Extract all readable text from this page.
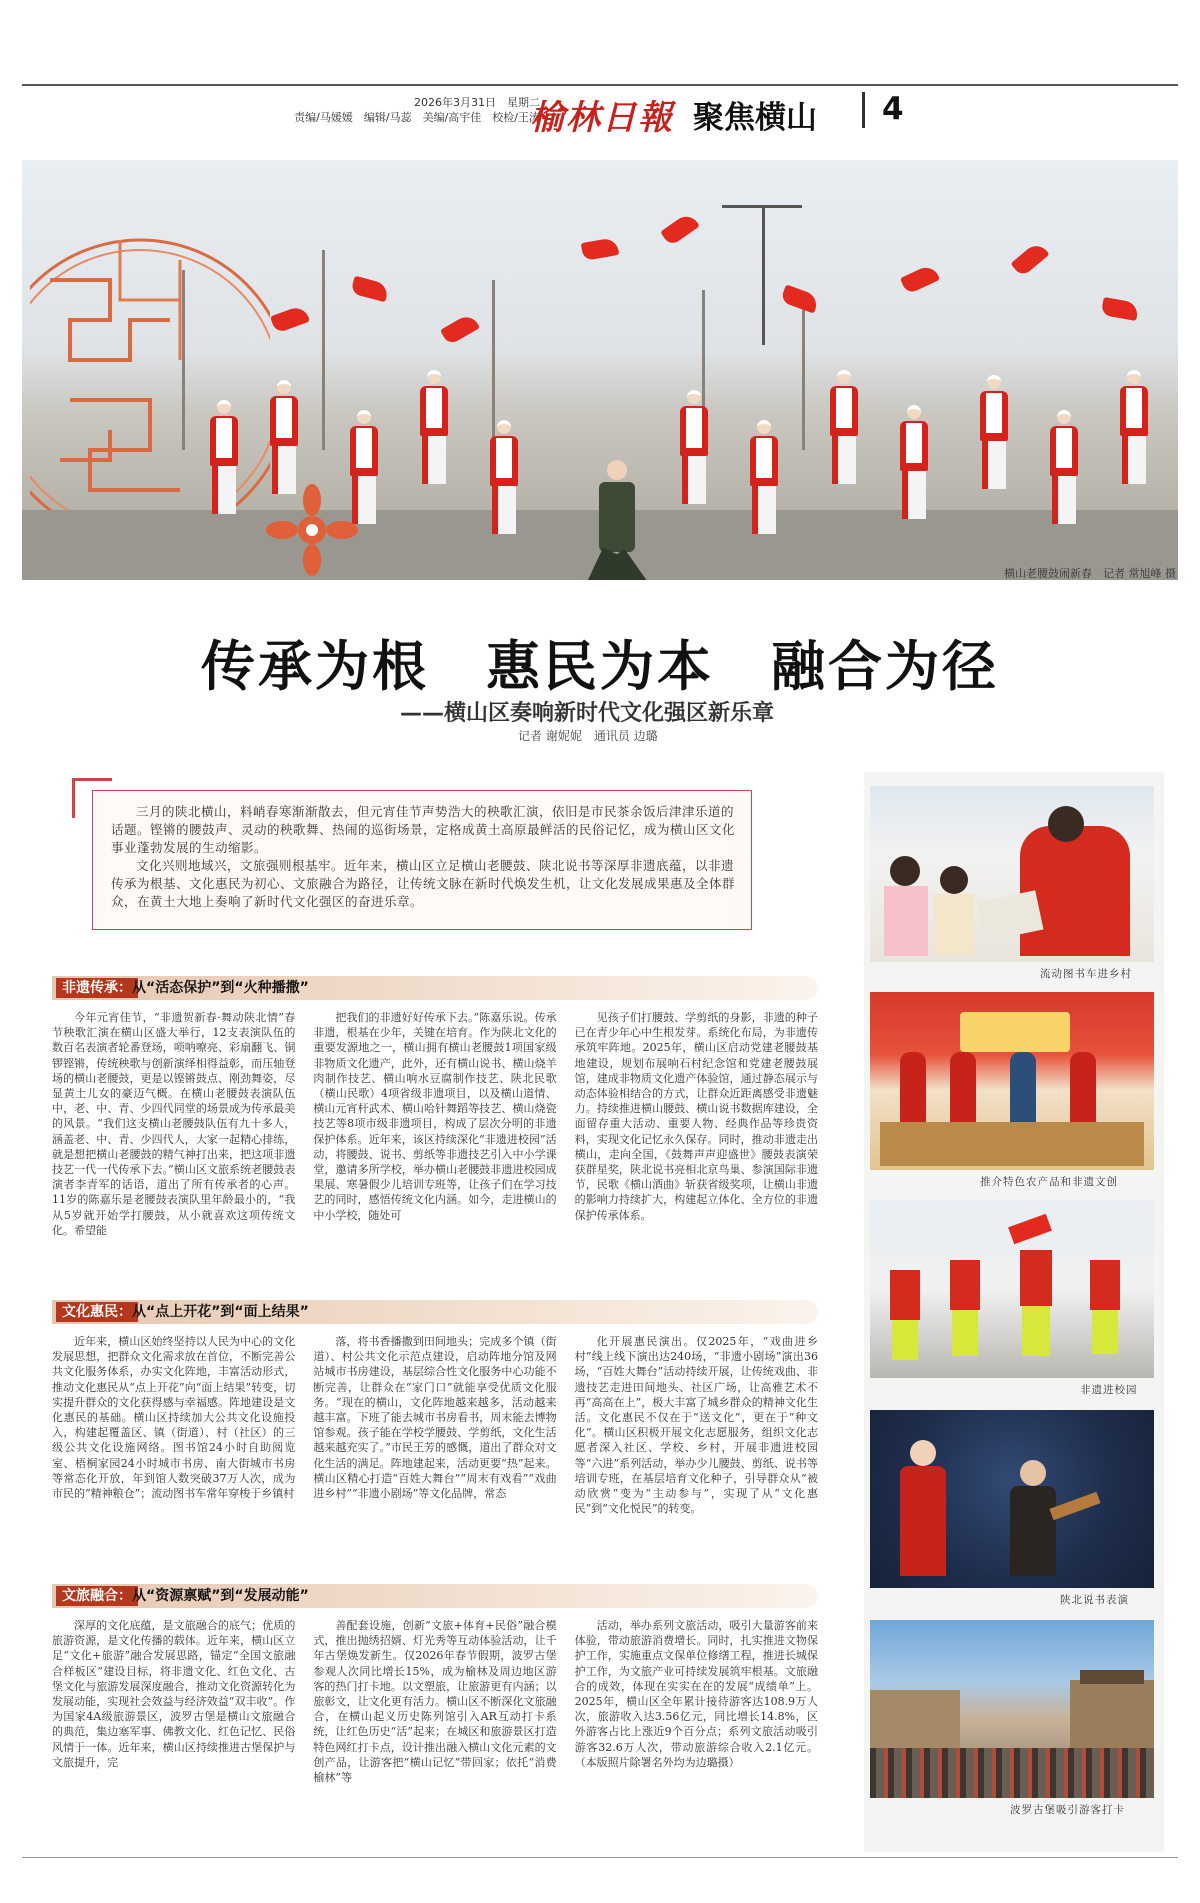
2026年3月31日　星期二
责编/马媛媛　编辑/马蕊　美编/高宇佳　校检/王涛
榆林日報 聚焦横山 4
横山老腰鼓闹新春　记者 常旭峰 摄
传承为根　惠民为本　融合为径
——横山区奏响新时代文化强区新乐章
记者 谢妮妮　通讯员 边璐

三月的陕北横山，料峭春寒渐渐散去，但元宵佳节声势浩大的秧歌汇演，依旧是市民茶余饭后津津乐道的话题。铿锵的腰鼓声、灵动的秧歌舞、热闹的巡街场景，定格成黄土高原最鲜活的民俗记忆，成为横山区文化事业蓬勃发展的生动缩影。

文化兴则地域兴，文旅强则根基牢。近年来，横山区立足横山老腰鼓、陕北说书等深厚非遗底蕴，以非遗传承为根基、文化惠民为初心、文旅融合为路径，让传统文脉在新时代焕发生机，让文化发展成果惠及全体群众，在黄土大地上奏响了新时代文化强区的奋进乐章。

非遗传承： 从“活态保护”到“火种播撒”

今年元宵佳节，“非遗贺新春·舞动陕北情”春节秧歌汇演在横山区盛大举行，12支表演队伍的数百名表演者轮番登场，唢呐嘹亮、彩扇翻飞、铜锣铿锵，传统秧歌与创新演绎相得益彰，而压轴登场的横山老腰鼓，更是以铿锵鼓点、刚劲舞姿，尽显黄土儿女的豪迈气概。在横山老腰鼓表演队伍中，老、中、青、少四代同堂的场景成为传承最美的风景。“我们这支横山老腰鼓队伍有九十多人，涵盖老、中、青、少四代人，大家一起精心排练，就是想把横山老腰鼓的精气神打出来，把这项非遗技艺一代一代传承下去。”横山区文旅系统老腰鼓表演者李青军的话语，道出了所有传承者的心声。11岁的陈嘉乐是老腰鼓表演队里年龄最小的，“我从5岁就开始学打腰鼓，从小就喜欢这项传统文化。希望能

把我们的非遗好好传承下去。”陈嘉乐说。传承非遗，根基在少年，关键在培育。作为陕北文化的重要发源地之一，横山拥有横山老腰鼓1项国家级非物质文化遗产，此外，还有横山说书、横山烧羊肉制作技艺、横山响水豆腐制作技艺、陕北民歌（横山民歌）4项省级非遗项目，以及横山道情、横山元宵杆武术、横山哈针舞蹈等技艺、横山烧瓷技艺等8项市级非遗项目，构成了层次分明的非遗保护体系。近年来，该区持续深化“非遗进校园”活动，将腰鼓、说书、剪纸等非遗技艺引入中小学课堂，邀请多所学校，举办横山老腰鼓非遗进校园成果展、寒暑假少儿培训专班等，让孩子们在学习技艺的同时，感悟传统文化内涵。如今，走进横山的中小学校，随处可

见孩子们打腰鼓、学剪纸的身影，非遗的种子已在青少年心中生根发芽。系统化布局，为非遗传承筑牢阵地。2025年，横山区启动党建老腰鼓基地建设，规划布展响石村纪念馆和党建老腰鼓展馆，建成非物质文化遗产体验馆，通过静态展示与动态体验相结合的方式，让群众近距离感受非遗魅力。持续推进横山腰鼓、横山说书数据库建设，全面留存重大活动、重要人物、经典作品等珍贵资料，实现文化记忆永久保存。同时，推动非遗走出横山，走向全国，《鼓舞声声迎盛世》腰鼓表演荣获群星奖，陕北说书亮相北京鸟巢、参演国际非遗节，民歌《横山酒曲》斩获省级奖项，让横山非遗的影响力持续扩大，构建起立体化、全方位的非遗保护传承体系。

文化惠民： 从“点上开花”到“面上结果”

近年来，横山区始终坚持以人民为中心的文化发展思想，把群众文化需求放在首位，不断完善公共文化服务体系，办实文化阵地，丰富活动形式，推动文化惠民从“点上开花”向“面上结果”转变，切实提升群众的文化获得感与幸福感。阵地建设是文化惠民的基础。横山区持续加大公共文化设施投入，构建起覆盖区、镇（街道）、村（社区）的三级公共文化设施网络。图书馆24小时自助阅览室、梧桐家园24小时城市书房、南大街城市书房等常态化开放，年到馆人数突破37万人次，成为市民的“精神粮仓”；流动图书车常年穿梭于乡镇村

落，将书香播撒到田间地头；完成多个镇（街道）、村公共文化示范点建设，启动阵地分馆及网站城市书房建设，基层综合性文化服务中心功能不断完善，让群众在“家门口”就能享受优质文化服务。“现在的横山，文化阵地越来越多，活动越来越丰富。下班了能去城市书房看书，周末能去博物馆参观。孩子能在学校学腰鼓、学剪纸，文化生活越来越充实了。”市民王芳的感慨，道出了群众对文化生活的满足。阵地建起来，活动更要“热”起来。横山区精心打造“百姓大舞台”“周末有戏看”“戏曲进乡村”“非遗小剧场”等文化品牌，常态

化开展惠民演出。仅2025年，“戏曲进乡村”线上线下演出达240场，“非遗小剧场”演出36场，“百姓大舞台”活动持续开展，让传统戏曲、非遗技艺走进田间地头、社区广场，让高雅艺术不再“高高在上”，极大丰富了城乡群众的精神文化生活。文化惠民不仅在于“送文化”，更在于“种文化”。横山区积极开展文化志愿服务，组织文化志愿者深入社区、学校、乡村，开展非遗进校园等“六进”系列活动，举办少儿腰鼓、剪纸、说书等培训专班，在基层培育文化种子，引导群众从“被动欣赏”变为“主动参与”，实现了从“文化惠民”到“文化悦民”的转变。

文旅融合： 从“资源禀赋”到“发展动能”

深厚的文化底蕴，是文旅融合的底气；优质的旅游资源，是文化传播的载体。近年来，横山区立足“文化+旅游”融合发展思路，锚定“全国文旅融合样板区”建设目标，将非遗文化、红色文化、古堡文化与旅游发展深度融合，推动文化资源转化为发展动能，实现社会效益与经济效益“双丰收”。作为国家4A级旅游景区，波罗古堡是横山文旅融合的典范，集边塞军事、佛教文化、红色记忆、民俗风情于一体。近年来，横山区持续推进古堡保护与文旅提升，完

善配套设施，创新“文旅+体育+民俗”融合模式，推出抛绣招婿、灯光秀等互动体验活动，让千年古堡焕发新生。仅2026年春节假期，波罗古堡参观人次同比增长15%，成为榆林及周边地区游客的热门打卡地。以文塑旅，让旅游更有内涵；以旅彰文，让文化更有活力。横山区不断深化文旅融合，在横山起义历史陈列馆引入AR互动打卡系统，让红色历史“活”起来；在城区和旅游景区打造特色网红打卡点，设计推出融入横山文化元素的文创产品，让游客把“横山记忆”带回家；依托“消费榆林”等

活动，举办系列文旅活动，吸引大量游客前来体验，带动旅游消费增长。同时，扎实推进文物保护工作，实施重点文保单位修缮工程，推进长城保护工作，为文旅产业可持续发展筑牢根基。文旅融合的成效，体现在实实在在的发展“成绩单”上。2025年，横山区全年累计接待游客达108.9万人次，旅游收入达3.56亿元，同比增长14.8%，区外游客占比上涨近9个百分点；系列文旅活动吸引游客32.6万人次，带动旅游综合收入2.1亿元。（本版照片除署名外均为边璐摄）

流动图书车进乡村
推介特色农产品和非遗文创
非遗进校园
陕北说书表演
波罗古堡吸引游客打卡
